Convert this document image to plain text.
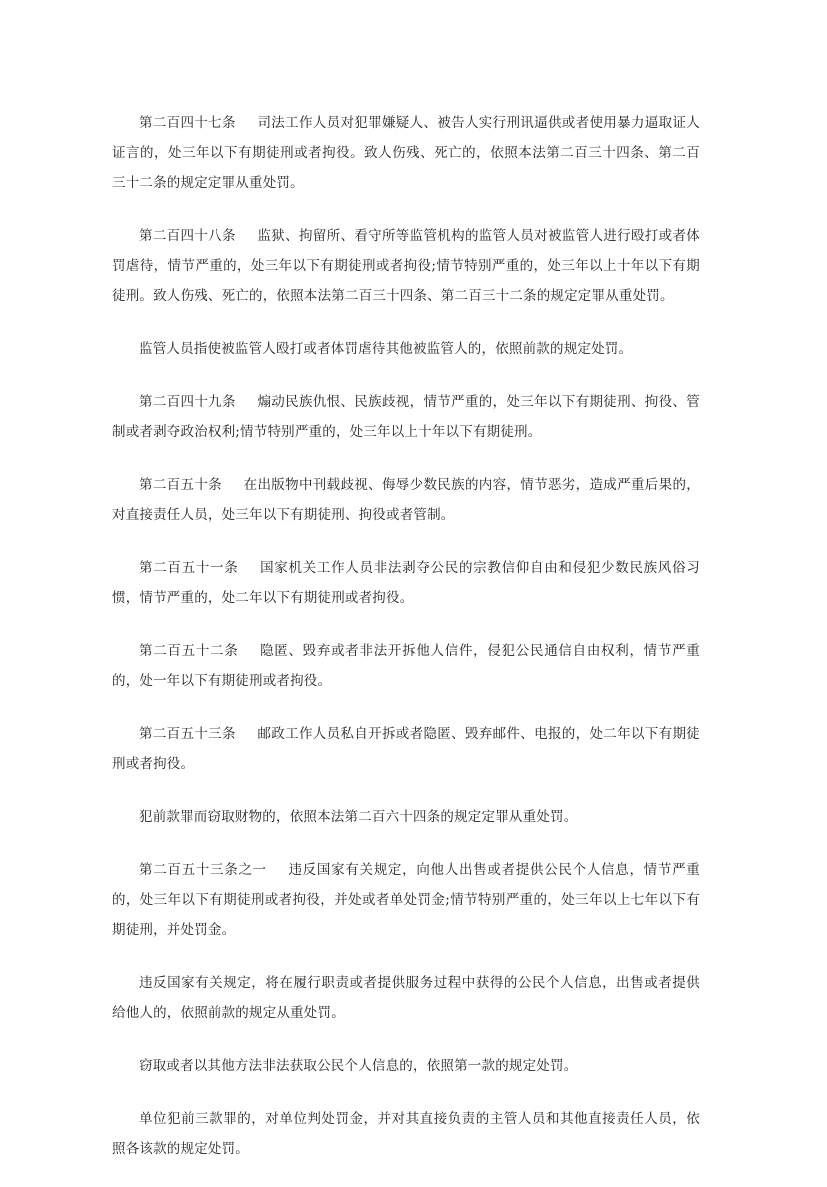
第二百四十七条 司法工作人员对犯罪嫌疑人、被告人实行刑讯逼供或者使用暴力逼取证人证言的，处三年以下有期徒刑或者拘役。致人伤残、死亡的，依照本法第二百三十四条、第二百三十二条的规定定罪从重处罚。

第二百四十八条 监狱、拘留所、看守所等监管机构的监管人员对被监管人进行殴打或者体罚虐待，情节严重的，处三年以下有期徒刑或者拘役;情节特别严重的，处三年以上十年以下有期徒刑。致人伤残、死亡的，依照本法第二百三十四条、第二百三十二条的规定定罪从重处罚。

监管人员指使被监管人殴打或者体罚虐待其他被监管人的，依照前款的规定处罚。

第二百四十九条 煽动民族仇恨、民族歧视，情节严重的，处三年以下有期徒刑、拘役、管制或者剥夺政治权利;情节特别严重的，处三年以上十年以下有期徒刑。

第二百五十条 在出版物中刊载歧视、侮辱少数民族的内容，情节恶劣，造成严重后果的，对直接责任人员，处三年以下有期徒刑、拘役或者管制。

第二百五十一条 国家机关工作人员非法剥夺公民的宗教信仰自由和侵犯少数民族风俗习惯，情节严重的，处二年以下有期徒刑或者拘役。

第二百五十二条 隐匿、毁弃或者非法开拆他人信件，侵犯公民通信自由权利，情节严重的，处一年以下有期徒刑或者拘役。

第二百五十三条 邮政工作人员私自开拆或者隐匿、毁弃邮件、电报的，处二年以下有期徒刑或者拘役。

犯前款罪而窃取财物的，依照本法第二百六十四条的规定定罪从重处罚。

第二百五十三条之一 违反国家有关规定，向他人出售或者提供公民个人信息，情节严重的，处三年以下有期徒刑或者拘役，并处或者单处罚金;情节特别严重的，处三年以上七年以下有期徒刑，并处罚金。

违反国家有关规定，将在履行职责或者提供服务过程中获得的公民个人信息，出售或者提供给他人的，依照前款的规定从重处罚。

窃取或者以其他方法非法获取公民个人信息的，依照第一款的规定处罚。

单位犯前三款罪的，对单位判处罚金，并对其直接负责的主管人员和其他直接责任人员，依照各该款的规定处罚。
